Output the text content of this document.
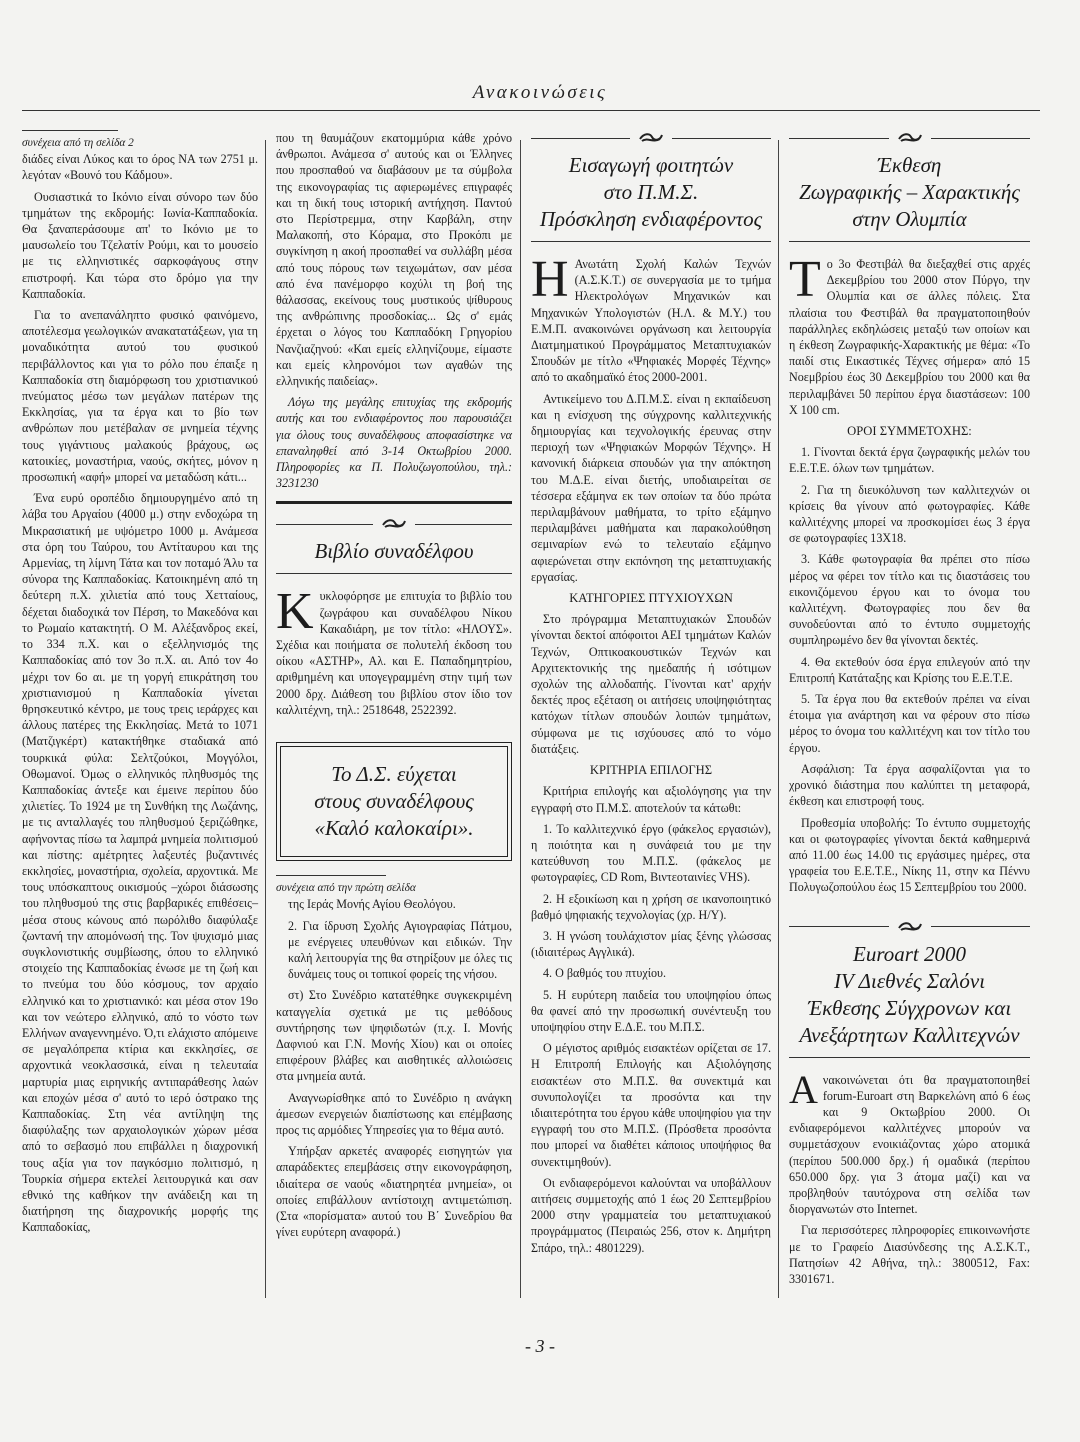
Ανακοινώσεις
συνέχεια από τη σελίδα 2

διάδες είναι Λύκος και το όρος ΝΑ των 2751 μ. λεγόταν «Βουνό του Κάδμου».

Ουσιαστικά το Ικόνιο είναι σύνορο των δύο τμημάτων της εκδρομής: Ιωνία-Καππαδοκία. Θα ξαναπεράσουμε απ' το Ικόνιο με το μαυσωλείο του Τζελατίν Ρούμι, και το μουσείο με τις ελληνιστικές σαρκοφάγους στην επιστροφή. Και τώρα στο δρόμο για την Καππαδοκία.

Για το ανεπανάληπτο φυσικό φαινόμενο, αποτέλεσμα γεωλογικών ανακατατάξεων, για τη μοναδικότητα αυτού του φυσικού περιβάλλοντος και για το ρόλο που έπαιξε η Καππαδοκία στη διαμόρφωση του χριστιανικού πνεύματος μέσω των μεγάλων πατέρων της Εκκλησίας, για τα έργα και το βίο των ανθρώπων που μετέβαλαν σε μνημεία τέχνης τους γιγάντιους μαλακούς βράχους, ως κατοικίες, μοναστήρια, ναούς, σκήτες, μόνον η προσωπική «αφή» μπορεί να μεταδώση κάτι...

Ένα ευρύ οροπέδιο δημιουργημένο από τη λάβα του Αργαίου (4000 μ.) στην ενδοχώρα τη Μικρασιατική με υψόμετρο 1000 μ. Ανάμεσα στα όρη του Ταύρου, του Αντίταυρου και της Αρμενίας, τη λίμνη Τάτα και τον ποταμό Άλυ τα σύνορα της Καππαδοκίας. Κατοικημένη από τη δεύτερη π.Χ. χιλιετία από τους Χετταίους, δέχεται διαδοχικά τον Πέρση, το Μακεδόνα και το Ρωμαίο κατακτητή. Ο Μ. Αλέξανδρος εκεί, το 334 π.Χ. και ο εξελληνισμός της Καππαδοκίας από τον 3ο π.Χ. αι. Από τον 4ο μέχρι τον 6ο αι. με τη γοργή επικράτηση του χριστιανισμού η Καππαδοκία γίνεται θρησκευτικό κέντρο, με τους τρεις ιεράρχες και άλλους πατέρες της Εκκλησίας. Μετά το 1071 (Ματζιγκέρτ) κατακτήθηκε σταδιακά από τουρκικά φύλα: Σελτζούκοι, Μογγόλοι, Οθωμανοί. Όμως ο ελληνικός πληθυσμός της Καππαδοκίας άντεξε και έμεινε περίπου δύο χιλιετίες. Το 1924 με τη Συνθήκη της Λωζάνης, με τις ανταλλαγές του πληθυσμού ξεριζώθηκε, αφήνοντας πίσω τα λαμπρά μνημεία πολιτισμού και πίστης: αμέτρητες λαξευτές βυζαντινές εκκλησίες, μοναστήρια, σχολεία, αρχοντικά. Με τους υπόσκαπτους οικισμούς –χώροι διάσωσης του πληθυσμού της στις βαρβαρικές επιθέσεις– μέσα στους κώνους από πωρόλιθο διαφύλαξε ζωντανή την απομόνωσή της. Τον ψυχισμό μιας συγκλονιστικής συμβίωσης, όπου το ελληνικό στοιχείο της Καππαδοκίας ένωσε με τη ζωή και το πνεύμα του δύο κόσμους, τον αρχαίο ελληνικό και το χριστιανικό: και μέσα στον 19ο και τον νεώτερο ελληνικό, από το νόστο των Ελλήνων αναγεννημένο. Ό,τι ελάχιστο απόμεινε σε μεγαλόπρεπα κτίρια και εκκλησίες, σε αρχοντικά νεοκλασσικά, είναι η τελευταία μαρτυρία μιας ειρηνικής αντιπαράθεσης λαών και εποχών μέσα σ' αυτό το ιερό όστρακο της Καππαδοκίας. Στη νέα αντίληψη της διαφύλαξης των αρχαιολογικών χώρων μέσα από το σεβασμό που επιβάλλει η διαχρονική τους αξία για τον παγκόσμιο πολιτισμό, η Τουρκία σήμερα εκτελεί λειτουργικά και σαν εθνικό της καθήκον την ανάδειξη και τη διατήρηση της διαχρονικής μορφής της Καππαδοκίας,

που τη θαυμάζουν εκατομμύρια κάθε χρόνο άνθρωποι. Ανάμεσα σ' αυτούς και οι Έλληνες που προσπαθού να διαβάσουν με τα σύμβολα της εικονογραφίας τις αφιερωμένες επιγραφές και τη δική τους ιστορική αντήχηση. Παντού στο Περίστρεμμα, στην Καρβάλη, στην Μαλακοπή, στο Κόραμα, στο Προκόπι με συγκίνηση η ακοή προσπαθεί να συλλάβη μέσα από τους πόρους των τειχωμάτων, σαν μέσα από ένα πανέμορφο κοχύλι τη βοή της θάλασσας, εκείνους τους μυστικούς ψίθυρους της ανθρώπινης προσδοκίας... Ως σ' εμάς έρχεται ο λόγος του Καππαδόκη Γρηγορίου Νανζιαζηνού: «Και εμείς ελληνίζουμε, είμαστε και εμείς κληρονόμοι των αγαθών της ελληνικής παιδείας».

Λόγω της μεγάλης επιτυχίας της εκδρομής αυτής και του ενδιαφέροντος που παρουσιάζει για όλους τους συναδέλφους αποφασίστηκε να επαναληφθεί από 3-14 Οκτωβρίου 2000. Πληροφορίες κα Π. Πολυζωγοπούλου, τηλ.: 3231230

Βιβλίο συναδέλφου

Κυκλοφόρησε με επιτυχία το βιβλίο του ζωγράφου και συναδέλφου Νίκου Κακαδιάρη, με τον τίτλο: «ΗΛΟΥΣ». Σχέδια και ποιήματα σε πολυτελή έκδοση του οίκου «ΑΣΤΗΡ», Αλ. και Ε. Παπαδημητρίου, αριθμημένη και υπογεγραμμένη στην τιμή των 2000 δρχ. Διάθεση του βιβλίου στον ίδιο τον καλλιτέχνη, τηλ.: 2518648, 2522392.

Το Δ.Σ. εύχεται
στους συναδέλφους
«Καλό καλοκαίρι».
συνέχεια από την πρώτη σελίδα

της Ιεράς Μονής Αγίου Θεολόγου.

2. Για ίδρυση Σχολής Αγιογραφίας Πάτμου, με ενέργειες υπευθύνων και ειδικών. Την καλή λειτουργία της θα στηρίξουν με όλες τις δυνάμεις τους οι τοπικοί φορείς της νήσου.

στ) Στο Συνέδριο κατατέθηκε συγκεκριμένη καταγγελία σχετικά με τις μεθόδους συντήρησης των ψηφιδωτών (π.χ. Ι. Μονής Δαφνιού και Γ.Ν. Μονής Χίου) και οι οποίες επιφέρουν βλάβες και αισθητικές αλλοιώσεις στα μνημεία αυτά.

Αναγνωρίσθηκε από το Συνέδριο η ανάγκη άμεσων ενεργειών διαπίστωσης και επέμβασης προς τις αρμόδιες Υπηρεσίες για το θέμα αυτό.

Υπήρξαν αρκετές αναφορές εισηγητών για απαράδεκτες επεμβάσεις στην εικονογράφηση, ιδιαίτερα σε ναούς «διατηρητέα μνημεία», οι οποίες επιβάλλουν αντίστοιχη αντιμετώπιση. (Στα «πορίσματα» αυτού του Β΄ Συνεδρίου θα γίνει ευρύτερη αναφορά.)

Εισαγωγή φοιτητών
στο Π.Μ.Σ.
Πρόσκληση ενδιαφέροντος

Η Ανωτάτη Σχολή Καλών Τεχνών (Α.Σ.Κ.Τ.) σε συνεργασία με το τμήμα Ηλεκτρολόγων Μηχανικών και Μηχανικών Υπολογιστών (Η.Λ. & Μ.Υ.) του Ε.Μ.Π. ανακοινώνει οργάνωση και λειτουργία Διατμηματικού Προγράμματος Μεταπτυχιακών Σπουδών με τίτλο «Ψηφιακές Μορφές Τέχνης» από το ακαδημαϊκό έτος 2000-2001.

Αντικείμενο του Δ.Π.Μ.Σ. είναι η εκπαίδευση και η ενίσχυση της σύγχρονης καλλιτεχνικής δημιουργίας και τεχνολογικής έρευνας στην περιοχή των «Ψηφιακών Μορφών Τέχνης». Η κανονική διάρκεια σπουδών για την απόκτηση του Μ.Δ.Ε. είναι διετής, υποδιαιρείται σε τέσσερα εξάμηνα εκ των οποίων τα δύο πρώτα περιλαμβάνουν μαθήματα, το τρίτο εξάμηνο περιλαμβάνει μαθήματα και παρακολούθηση σεμιναρίων ενώ το τελευταίο εξάμηνο αφιερώνεται στην εκπόνηση της μεταπτυχιακής εργασίας.

ΚΑΤΗΓΟΡΙΕΣ ΠΤΥΧΙΟΥΧΩΝ

Στο πρόγραμμα Μεταπτυχιακών Σπουδών γίνονται δεκτοί απόφοιτοι ΑΕΙ τμημάτων Καλών Τεχνών, Οπτικοακουστικών Τεχνών και Αρχιτεκτονικής της ημεδαπής ή ισότιμων σχολών της αλλοδαπής. Γίνονται κατ' αρχήν δεκτές προς εξέταση οι αιτήσεις υποψηφιότητας κατόχων τίτλων σπουδών λοιπών τμημάτων, σύμφωνα με τις ισχύουσες από το νόμο διατάξεις.

ΚΡΙΤΗΡΙΑ ΕΠΙΛΟΓΗΣ

Κριτήρια επιλογής και αξιολόγησης για την εγγραφή στο Π.Μ.Σ. αποτελούν τα κάτωθι:

1. Το καλλιτεχνικό έργο (φάκελος εργασιών), η ποιότητα και η συνάφειά του με την κατεύθυνση του Μ.Π.Σ. (φάκελος με φωτογραφίες, CD Rom, Βιντεοταινίες VHS).

2. Η εξοικίωση και η χρήση σε ικανοποιητικό βαθμό ψηφιακής τεχνολογίας (χρ. Η/Υ).

3. Η γνώση τουλάχιστον μίας ξένης γλώσσας (ιδιαιτέρως Αγγλικά).

4. Ο βαθμός του πτυχίου.

5. Η ευρύτερη παιδεία του υποψηφίου όπως θα φανεί από την προσωπική συνέντευξη του υποψηφίου στην Ε.Δ.Ε. του Μ.Π.Σ.

Ο μέγιστος αριθμός εισακτέων ορίζεται σε 17. Η Επιτροπή Επιλογής και Αξιολόγησης εισακτέων στο Μ.Π.Σ. θα συνεκτιμά και συνυπολογίζει τα προσόντα και την ιδιαιτερότητα του έργου κάθε υποψηφίου για την εγγραφή του στο Μ.Π.Σ. (Πρόσθετα προσόντα που μπορεί να διαθέτει κάποιος υποψήφιος θα συνεκτιμηθούν).

Οι ενδιαφερόμενοι καλούνται να υποβάλλουν αιτήσεις συμμετοχής από 1 έως 20 Σεπτεμβρίου 2000 στην γραμματεία του μεταπτυχιακού προγράμματος (Πειραιώς 256, στον κ. Δημήτρη Σπάρο, τηλ.: 4801229).

Έκθεση
Ζωγραφικής – Χαρακτικής
στην Ολυμπία

Το 3ο Φεστιβάλ θα διεξαχθεί στις αρχές Δεκεμβρίου του 2000 στον Πύργο, την Ολυμπία και σε άλλες πόλεις. Στα πλαίσια του Φεστιβάλ θα πραγματοποιηθούν παράλληλες εκδηλώσεις μεταξύ των οποίων και η έκθεση Ζωγραφικής-Χαρακτικής με θέμα: «Το παιδί στις Εικαστικές Τέχνες σήμερα» από 15 Νοεμβρίου έως 30 Δεκεμβρίου του 2000 και θα περιλαμβάνει 50 περίπου έργα διαστάσεων: 100 Χ 100 cm.

ΟΡΟΙ ΣΥΜΜΕΤΟΧΗΣ:

1. Γίνονται δεκτά έργα ζωγραφικής μελών του Ε.Ε.Τ.Ε. όλων των τμημάτων.

2. Για τη διευκόλυνση των καλλιτεχνών οι κρίσεις θα γίνουν από φωτογραφίες. Κάθε καλλιτέχνης μπορεί να προσκομίσει έως 3 έργα σε φωτογραφίες 13Χ18.

3. Κάθε φωτογραφία θα πρέπει στο πίσω μέρος να φέρει τον τίτλο και τις διαστάσεις του εικονιζόμενου έργου και το όνομα του καλλιτέχνη. Φωτογραφίες που δεν θα συνοδεύονται από το έντυπο συμμετοχής συμπληρωμένο δεν θα γίνονται δεκτές.

4. Θα εκτεθούν όσα έργα επιλεγούν από την Επιτροπή Κατάταξης και Κρίσης του Ε.Ε.Τ.Ε.

5. Τα έργα που θα εκτεθούν πρέπει να είναι έτοιμα για ανάρτηση και να φέρουν στο πίσω μέρος το όνομα του καλλιτέχνη και τον τίτλο του έργου.

Ασφάλιση: Τα έργα ασφαλίζονται για το χρονικό διάστημα που καλύπτει τη μεταφορά, έκθεση και επιστροφή τους.

Προθεσμία υποβολής: Το έντυπο συμμετοχής και οι φωτογραφίες γίνονται δεκτά καθημερινά από 11.00 έως 14.00 τις εργάσιμες ημέρες, στα γραφεία του Ε.Ε.Τ.Ε., Νίκης 11, στην κα Πέννυ Πολυγωζοπούλου έως 15 Σεπτεμβρίου του 2000.

Euroart 2000
IV Διεθνές Σαλόνι
Έκθεσης Σύγχρονων και
Ανεξάρτητων Καλλιτεχνών

Ανακοινώνεται ότι θα πραγματοποιηθεί forum-Euroart στη Βαρκελώνη από 6 έως και 9 Οκτωβρίου 2000. Οι ενδιαφερόμενοι καλλιτέχνες μπορούν να συμμετάσχουν ενοικιάζοντας χώρο ατομικά (περίπου 500.000 δρχ.) ή ομαδικά (περίπου 650.000 δρχ. για 3 άτομα μαζί) και να προβληθούν ταυτόχρονα στη σελίδα των διοργανωτών στο Internet.

Για περισσότερες πληροφορίες επικοινωνήστε με το Γραφείο Διασύνδεσης της Α.Σ.Κ.Τ., Πατησίων 42 Αθήνα, τηλ.: 3800512, Fax: 3301671.

- 3 -
